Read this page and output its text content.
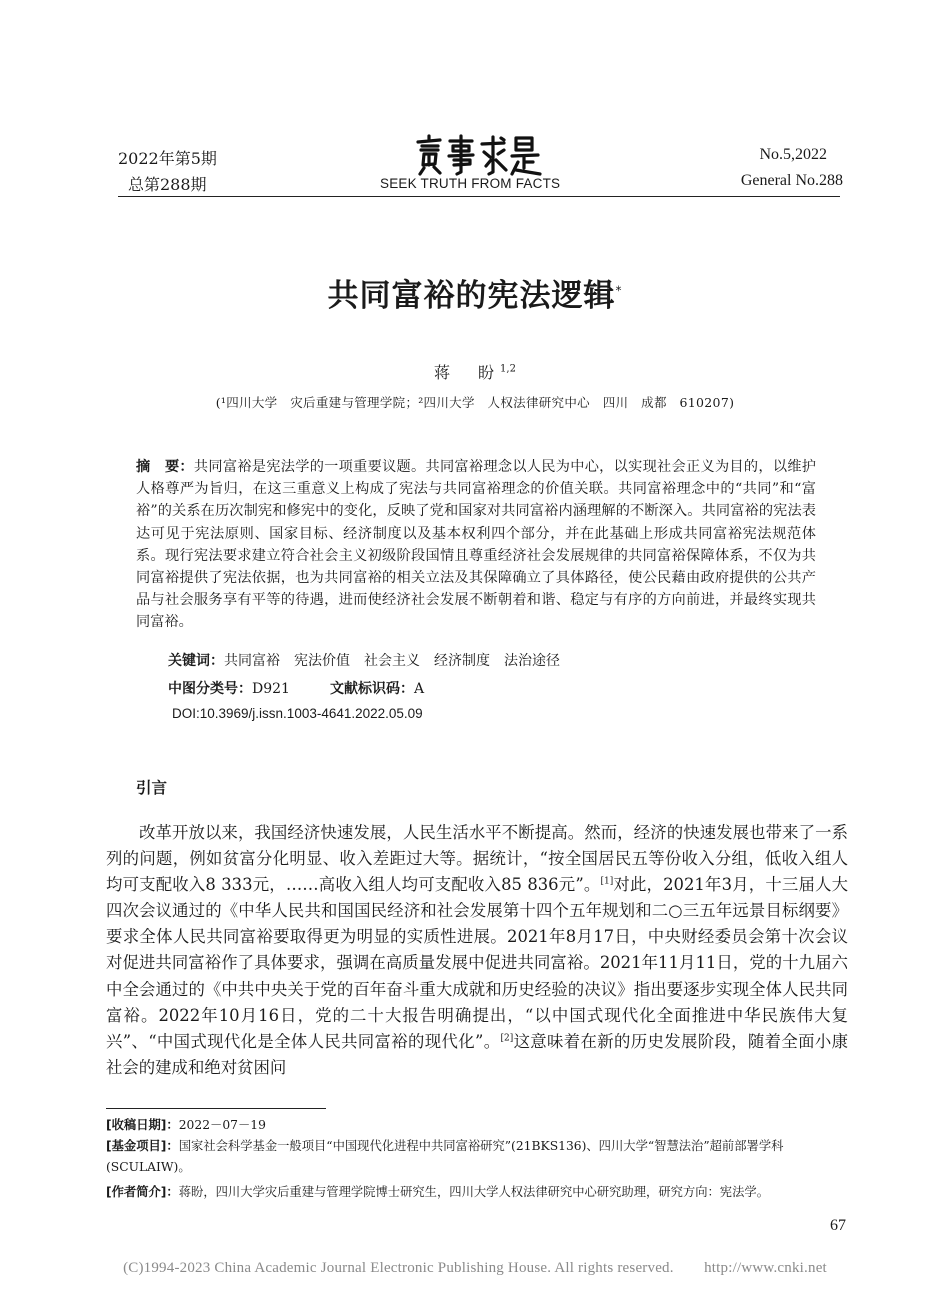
2022年第5期
总第288期	SEEK TRUTH FROM FACTS
No.5,2022
General No.288
共同富裕的宪法逻辑*
蒋　盼$^{1,2}$
(¹四川大学　灾后重建与管理学院；²四川大学　人权法律研究中心　四川　成都　610207)
摘　要：共同富裕是宪法学的一项重要议题。共同富裕理念以人民为中心，以实现社会正义为目的，以维护人格尊严为旨归，在这三重意义上构成了宪法与共同富裕理念的价值关联。共同富裕理念中的“共同”和“富裕”的关系在历次制宪和修宪中的变化，反映了党和国家对共同富裕内涵理解的不断深入。共同富裕的宪法表达可见于宪法原则、国家目标、经济制度以及基本权利四个部分，并在此基础上形成共同富裕宪法规范体系。现行宪法要求建立符合社会主义初级阶段国情且尊重经济社会发展规律的共同富裕保障体系，不仅为共同富裕提供了宪法依据，也为共同富裕的相关立法及其保障确立了具体路径，使公民藉由政府提供的公共产品与社会服务享有平等的待遇，进而使经济社会发展不断朝着和谐、稳定与有序的方向前进，并最终实现共同富裕。
关键词：共同富裕　宪法价值　社会主义　经济制度　法治途径
中图分类号：D921	文献标识码：A
DOI:10.3969/j.issn.1003-4641.2022.05.09
引言
改革开放以来，我国经济快速发展，人民生活水平不断提高。然而，经济的快速发展也带来了一系列的问题，例如贫富分化明显、收入差距过大等。据统计，“按全国居民五等份收入分组，低收入组人均可支配收入8 333元，……高收入组人均可支配收入85 836元”。[1]对此，2021年3月，十三届人大四次会议通过的《中华人民共和国国民经济和社会发展第十四个五年规划和二○三五年远景目标纲要》要求全体人民共同富裕要取得更为明显的实质性进展。2021年8月17日，中央财经委员会第十次会议对促进共同富裕作了具体要求，强调在高质量发展中促进共同富裕。2021年11月11日，党的十九届六中全会通过的《中共中央关于党的百年奋斗重大成就和历史经验的决议》指出要逐步实现全体人民共同富裕。2022年10月16日，党的二十大报告明确提出，“以中国式现代化全面推进中华民族伟大复兴”、“中国式现代化是全体人民共同富裕的现代化”。[2]这意味着在新的历史发展阶段，随着全面小康社会的建成和绝对贫困问
[收稿日期]：2022－07－19
[基金项目]：国家社会科学基金一般项目“中国现代化进程中共同富裕研究”(21BKS136)、四川大学“智慧法治”超前部署学科(SCULAIW)。
[作者简介]：蒋盼，四川大学灾后重建与管理学院博士研究生，四川大学人权法律研究中心研究助理，研究方向：宪法学。
67
(C)1994-2023 China Academic Journal Electronic Publishing House. All rights reserved.　　http://www.cnki.net
